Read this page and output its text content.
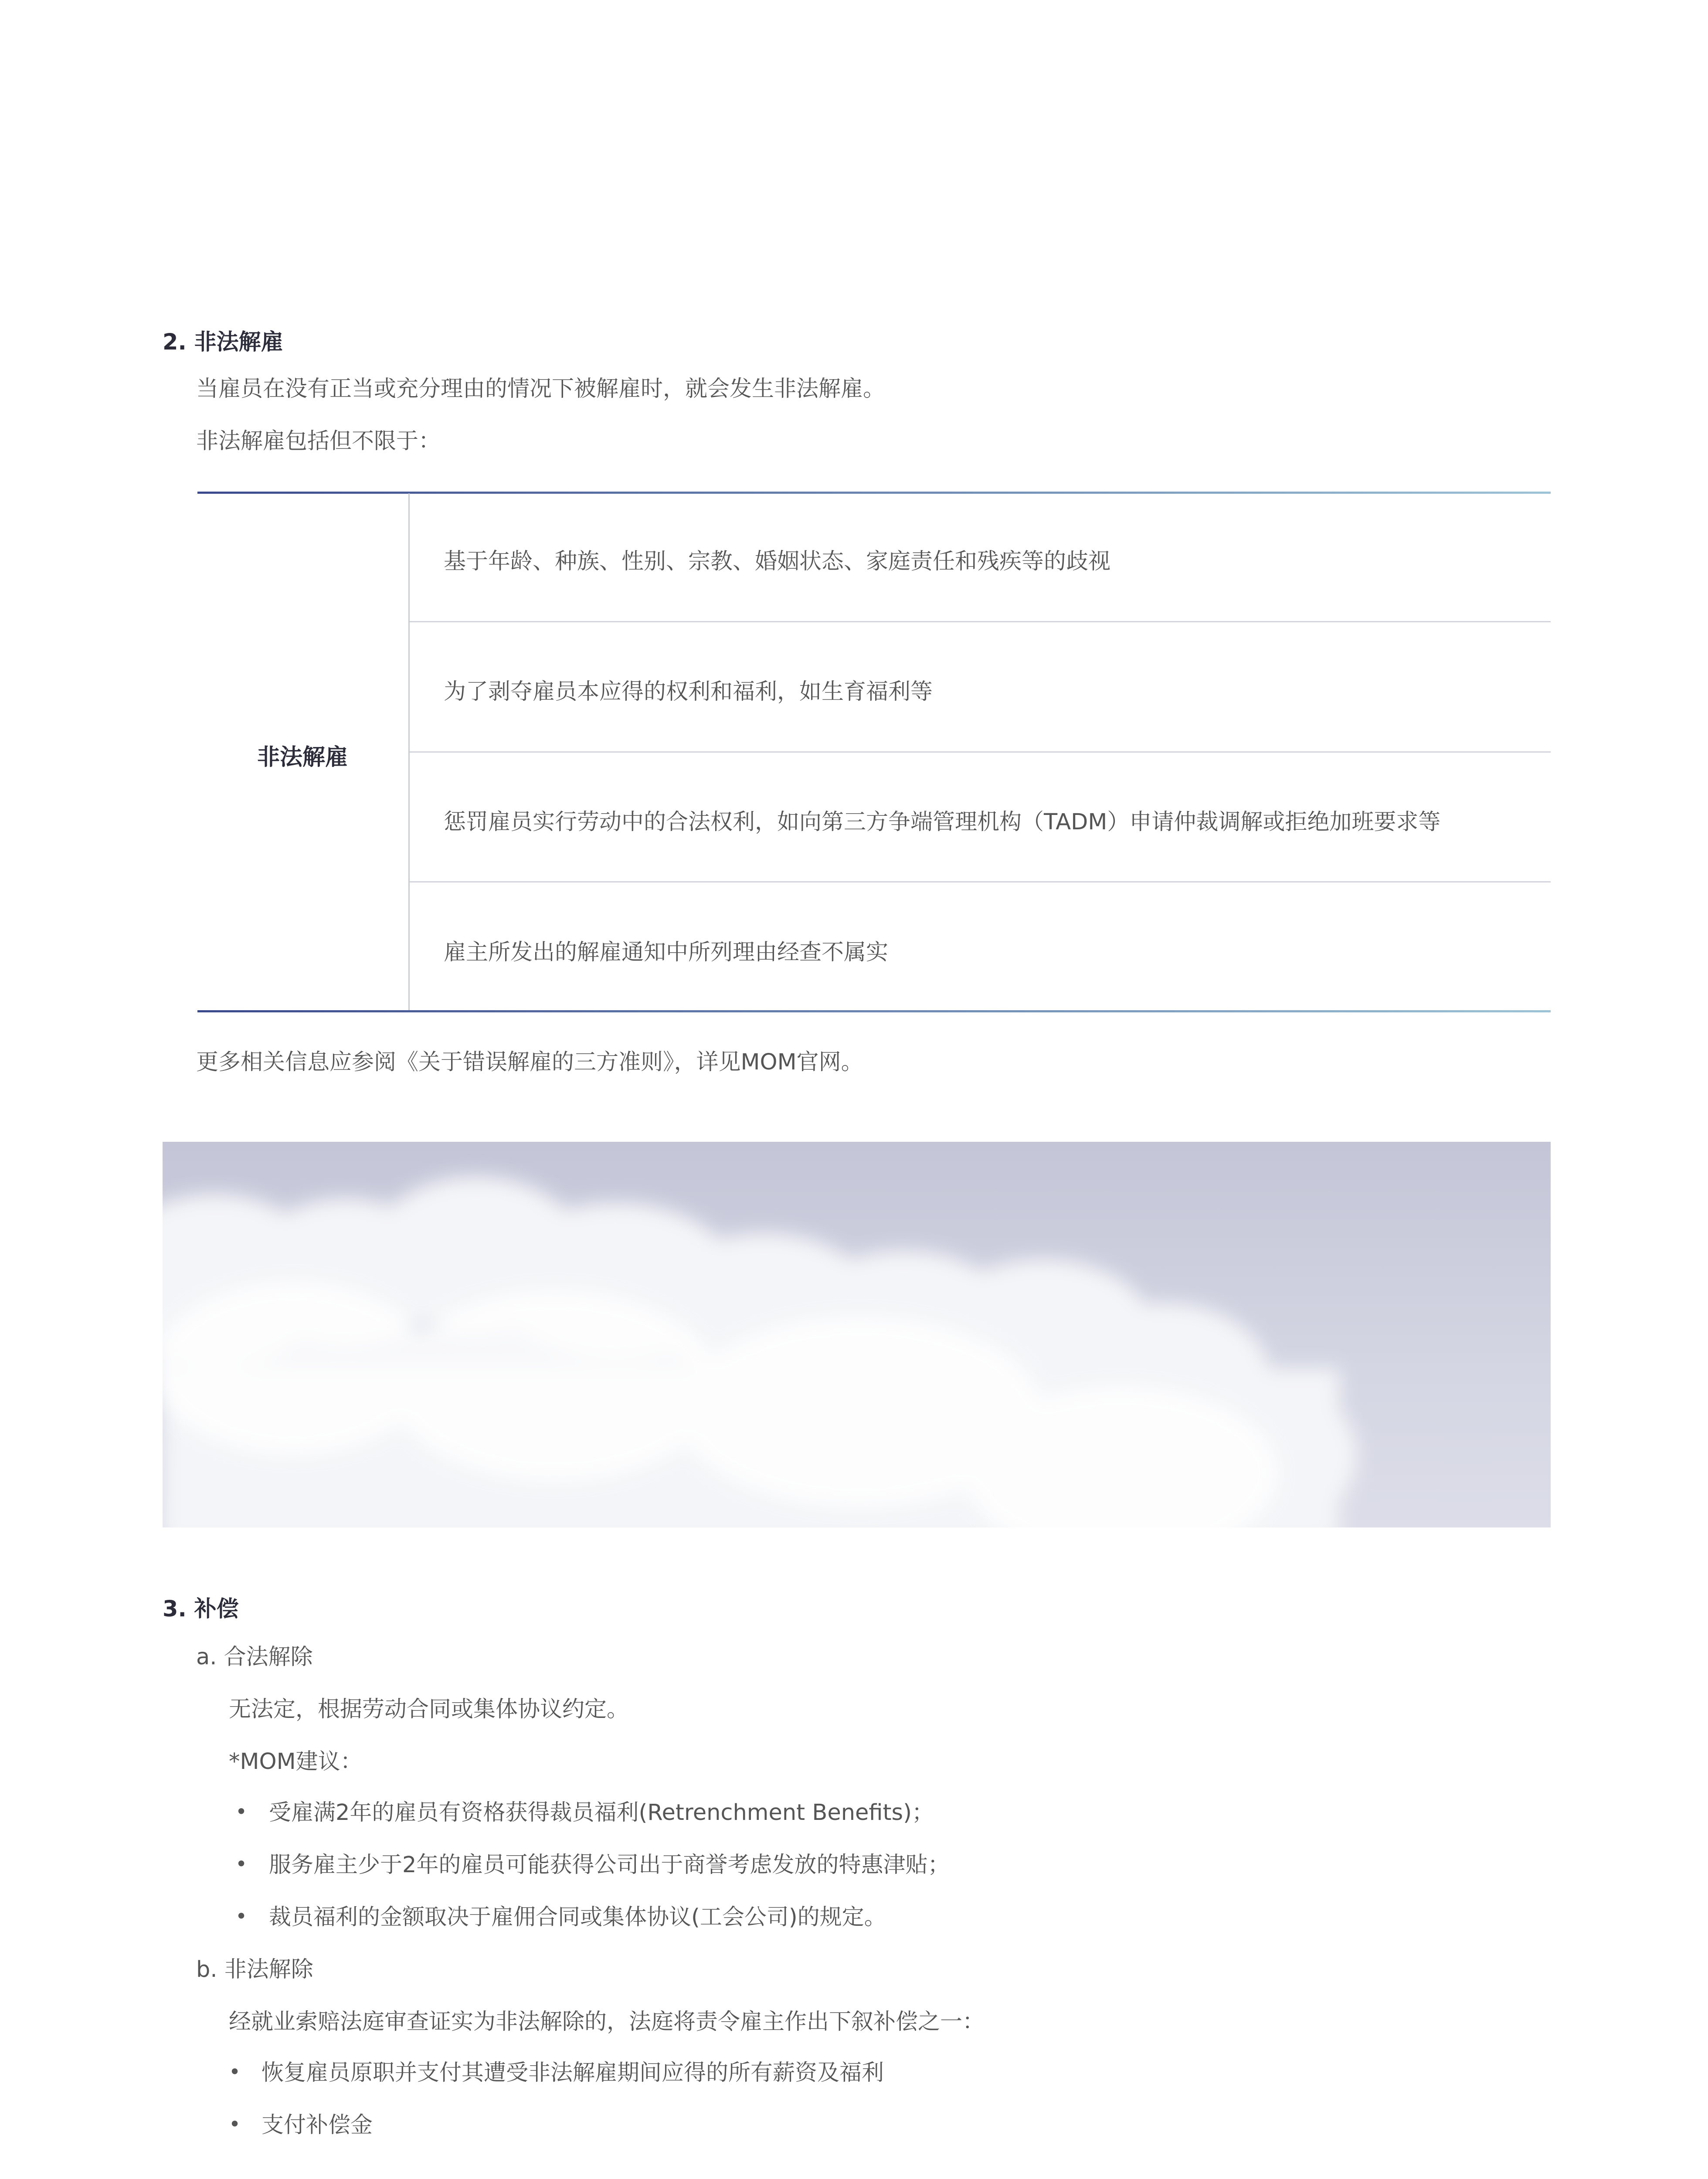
2. 非法解雇
当雇员在没有正当或充分理由的情况下被解雇时，就会发生非法解雇。
非法解雇包括但不限于：
非法解雇
基于年龄、种族、性别、宗教、婚姻状态、家庭责任和残疾等的歧视
为了剥夺雇员本应得的权利和福利，如生育福利等
惩罚雇员实行劳动中的合法权利，如向第三方争端管理机构（TADM）申请仲裁调解或拒绝加班要求等
雇主所发出的解雇通知中所列理由经查不属实
更多相关信息应参阅《关于错误解雇的三方准则》，详见MOM官网。
3. 补偿
a. 合法解除
无法定，根据劳动合同或集体协议约定。
*MOM建议：
• 受雇满2年的雇员有资格获得裁员福利(Retrenchment Benefits)；
• 服务雇主少于2年的雇员可能获得公司出于商誉考虑发放的特惠津贴；
• 裁员福利的金额取决于雇佣合同或集体协议(工会公司)的规定。
b. 非法解除
经就业索赔法庭审查证实为非法解除的，法庭将责令雇主作出下叙补偿之一：
• 恢复雇员原职并支付其遭受非法解雇期间应得的所有薪资及福利
• 支付补偿金
